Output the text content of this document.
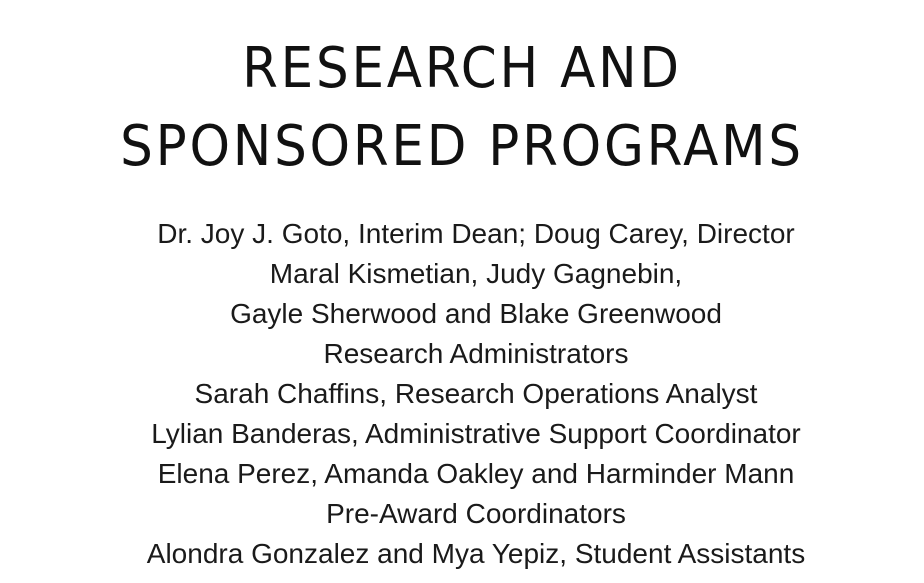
RESEARCH AND
SPONSORED PROGRAMS
Dr. Joy J. Goto, Interim Dean; Doug Carey, Director
Maral Kismetian, Judy Gagnebin,
Gayle Sherwood and Blake Greenwood
Research Administrators
Sarah Chaffins, Research Operations Analyst
Lylian Banderas, Administrative Support Coordinator
Elena Perez, Amanda Oakley and Harminder Mann
Pre-Award Coordinators
Alondra Gonzalez and Mya Yepiz, Student Assistants
